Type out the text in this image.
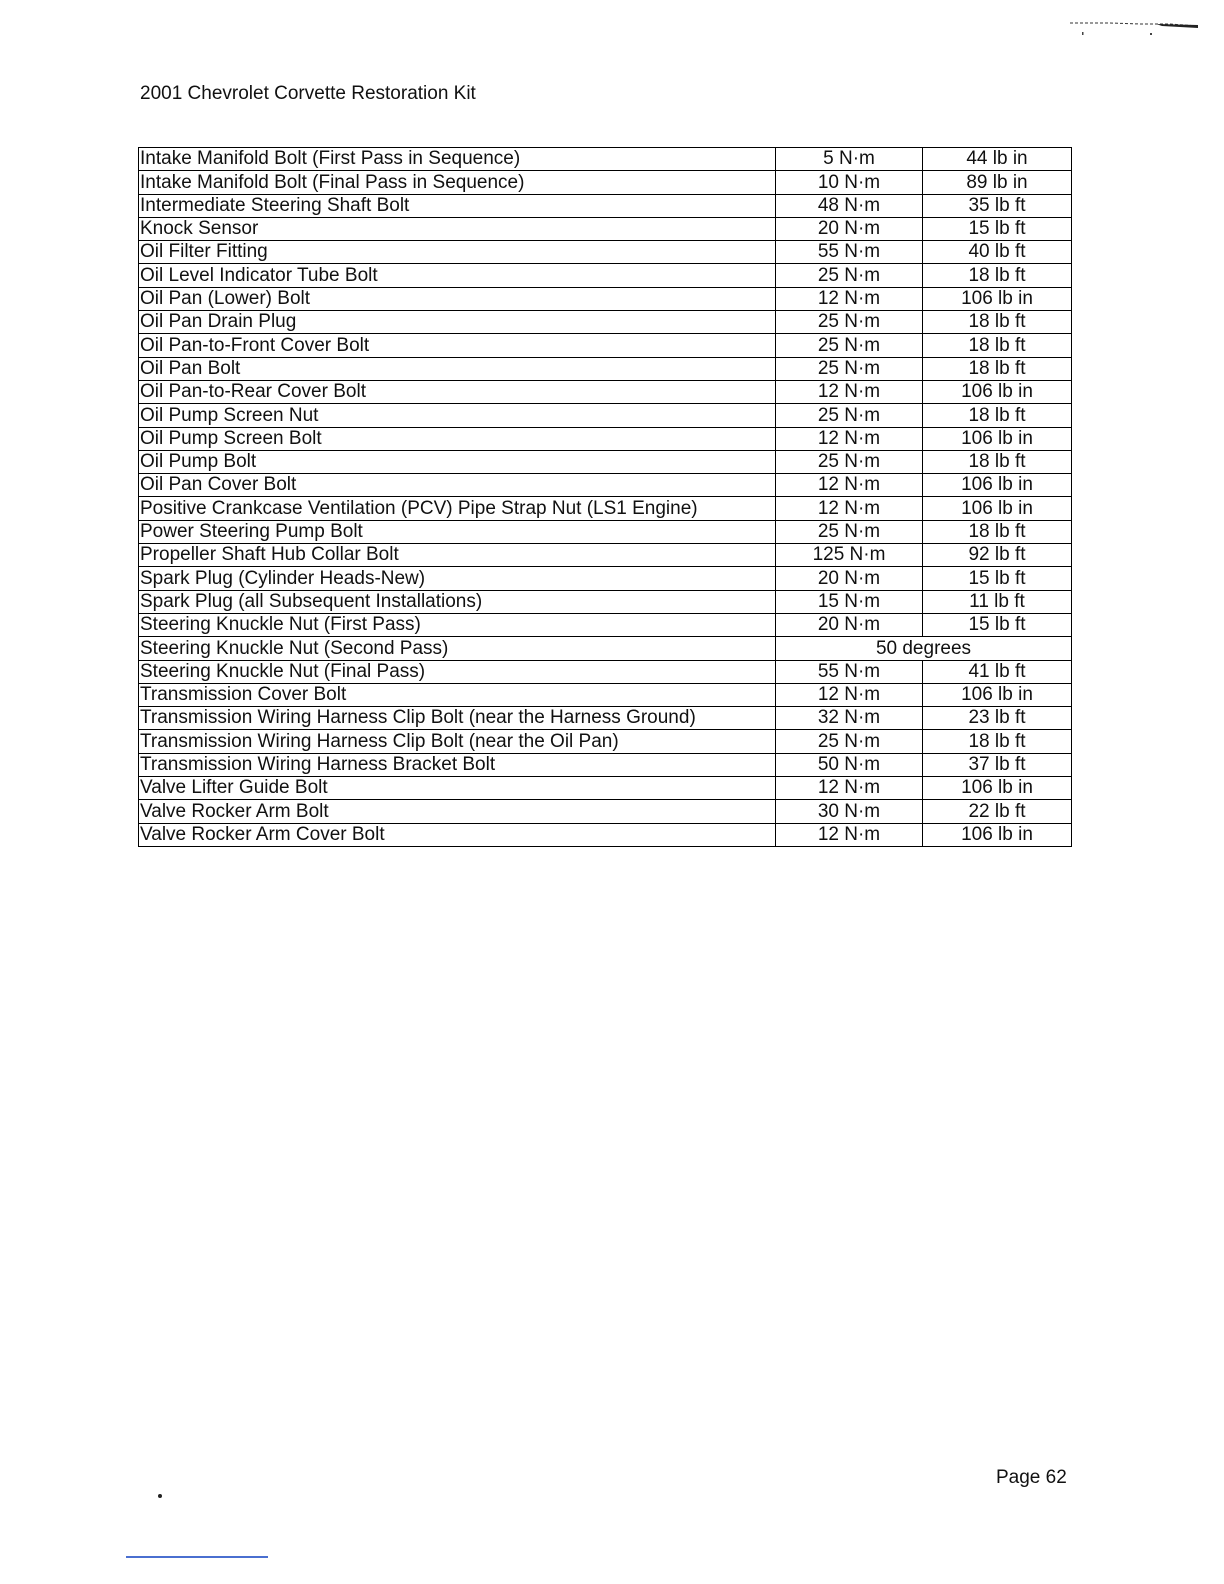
2001 Chevrolet Corvette Restoration Kit
Intake Manifold Bolt (First Pass in Sequence)	5 N·m	44 lb in
Intake Manifold Bolt (Final Pass in Sequence)	10 N·m	89 lb in
Intermediate Steering Shaft Bolt	48 N·m	35 lb ft
Knock Sensor	20 N·m	15 lb ft
Oil Filter Fitting	55 N·m	40 lb ft
Oil Level Indicator Tube Bolt	25 N·m	18 lb ft
Oil Pan (Lower) Bolt	12 N·m	106 lb in
Oil Pan Drain Plug	25 N·m	18 lb ft
Oil Pan-to-Front Cover Bolt	25 N·m	18 lb ft
Oil Pan Bolt	25 N·m	18 lb ft
Oil Pan-to-Rear Cover Bolt	12 N·m	106 lb in
Oil Pump Screen Nut	25 N·m	18 lb ft
Oil Pump Screen Bolt	12 N·m	106 lb in
Oil Pump Bolt	25 N·m	18 lb ft
Oil Pan Cover Bolt	12 N·m	106 lb in
Positive Crankcase Ventilation (PCV) Pipe Strap Nut (LS1 Engine)	12 N·m	106 lb in
Power Steering Pump Bolt	25 N·m	18 lb ft
Propeller Shaft Hub Collar Bolt	125 N·m	92 lb ft
Spark Plug (Cylinder Heads-New)	20 N·m	15 lb ft
Spark Plug (all Subsequent Installations)	15 N·m	11 lb ft
Steering Knuckle Nut (First Pass)	20 N·m	15 lb ft
Steering Knuckle Nut (Second Pass)	50 degrees	
Steering Knuckle Nut (Final Pass)	55 N·m	41 lb ft
Transmission Cover Bolt	12 N·m	106 lb in
Transmission Wiring Harness Clip Bolt (near the Harness Ground)	32 N·m	23 lb ft
Transmission Wiring Harness Clip Bolt (near the Oil Pan)	25 N·m	18 lb ft
Transmission Wiring Harness Bracket Bolt	50 N·m	37 lb ft
Valve Lifter Guide Bolt	12 N·m	106 lb in
Valve Rocker Arm Bolt	30 N·m	22 lb ft
Valve Rocker Arm Cover Bolt	12 N·m	106 lb in
Page 62
